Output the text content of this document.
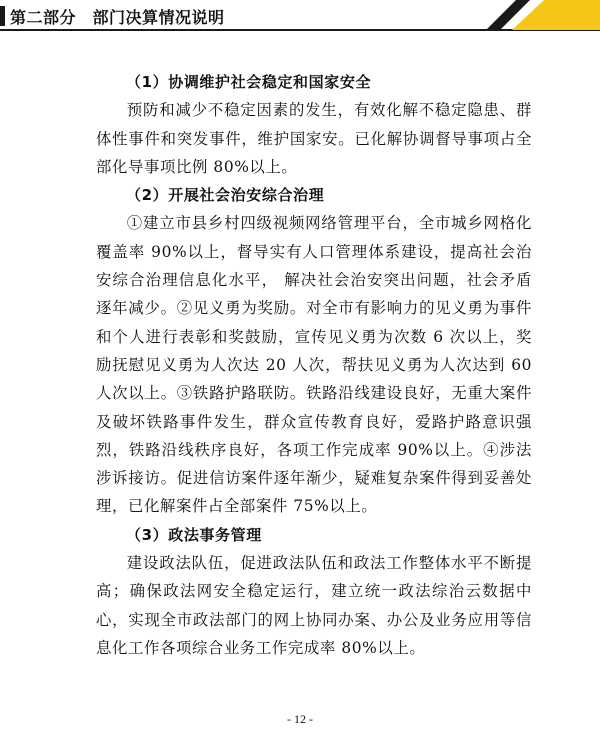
第二部分　部门决算情况说明

（1）协调维护社会稳定和国家安全

预防和减少不稳定因素的发生，有效化解不稳定隐患、群体性事件和突发事件，维护国家安。已化解协调督导事项占全部化导事项比例 80%以上。

（2）开展社会治安综合治理

①建立市县乡村四级视频网络管理平台，全市城乡网格化覆盖率 90%以上，督导实有人口管理体系建设，提高社会治安综合治理信息化水平， 解决社会治安突出问题，社会矛盾逐年减少。②见义勇为奖励。对全市有影响力的见义勇为事件和个人进行表彰和奖鼓励，宣传见义勇为次数 6 次以上，奖励抚慰见义勇为人次达 20 人次，帮扶见义勇为人次达到 60 人次以上。③铁路护路联防。铁路沿线建设良好，无重大案件及破坏铁路事件发生，群众宣传教育良好，爱路护路意识强烈，铁路沿线秩序良好，各项工作完成率 90%以上。④涉法涉诉接访。促进信访案件逐年渐少，疑难复杂案件得到妥善处理，已化解案件占全部案件 75%以上。

（3）政法事务管理

建设政法队伍，促进政法队伍和政法工作整体水平不断提高；确保政法网安全稳定运行，建立统一政法综治云数据中心，实现全市政法部门的网上协同办案、办公及业务应用等信息化工作各项综合业务工作完成率 80%以上。

- 12 -
